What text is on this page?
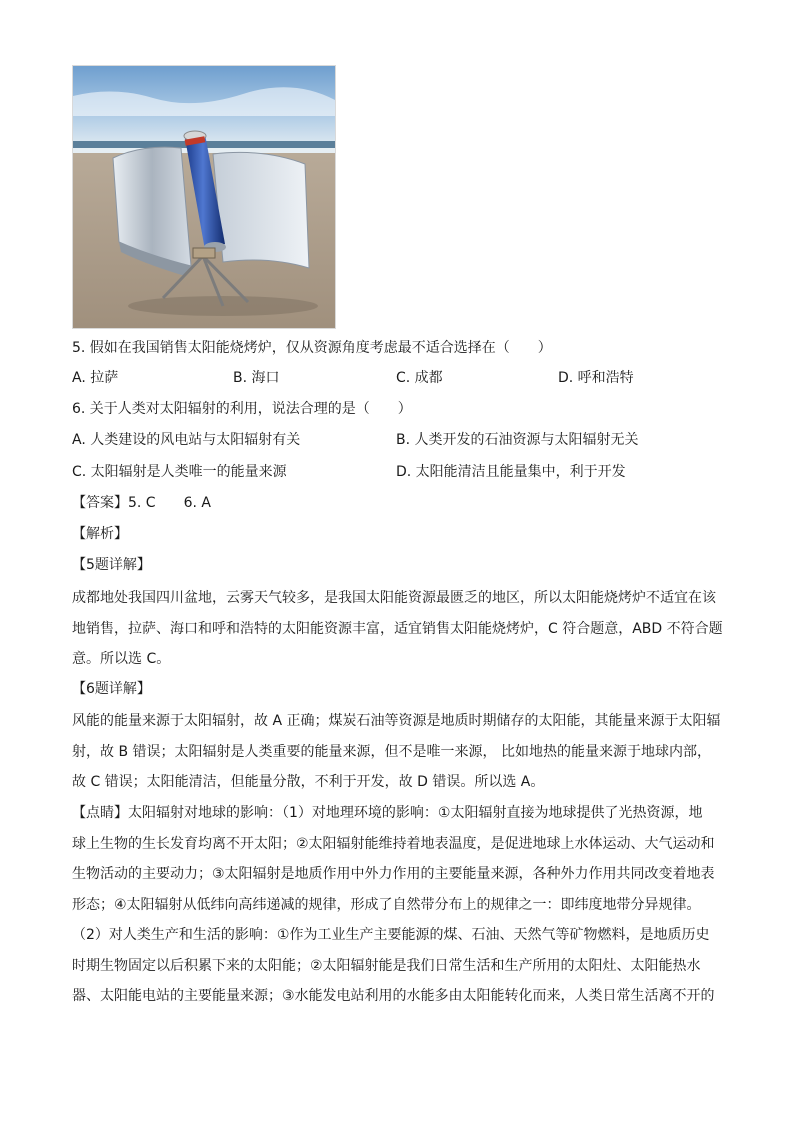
5. 假如在我国销售太阳能烧烤炉，仅从资源角度考虑最不适合选择在（　　）
A. 拉萨	B. 海口	C. 成都	D. 呼和浩特
6. 关于人类对太阳辐射的利用，说法合理的是（　　）
A. 人类建设的风电站与太阳辐射有关	B. 人类开发的石油资源与太阳辐射无关
C. 太阳辐射是人类唯一的能量来源	D. 太阳能清洁且能量集中，利于开发
【答案】5. C　　6. A
【解析】
【5题详解】
成都地处我国四川盆地，云雾天气较多，是我国太阳能资源最匮乏的地区，所以太阳能烧烤炉不适宜在该
地销售，拉萨、海口和呼和浩特的太阳能资源丰富，适宜销售太阳能烧烤炉，C 符合题意，ABD 不符合题
意。所以选 C。
【6题详解】
风能的能量来源于太阳辐射，故 A 正确；煤炭石油等资源是地质时期储存的太阳能，其能量来源于太阳辐
射，故 B 错误；太阳辐射是人类重要的能量来源，但不是唯一来源， 比如地热的能量来源于地球内部，
故 C 错误；太阳能清洁，但能量分散，不利于开发，故 D 错误。所以选 A。
【点睛】太阳辐射对地球的影响：（1）对地理环境的影响：①太阳辐射直接为地球提供了光热资源，地
球上生物的生长发育均离不开太阳；②太阳辐射能维持着地表温度，是促进地球上水体运动、大气运动和
生物活动的主要动力；③太阳辐射是地质作用中外力作用的主要能量来源，各种外力作用共同改变着地表
形态；④太阳辐射从低纬向高纬递减的规律，形成了自然带分布上的规律之一：即纬度地带分异规律。
（2）对人类生产和生活的影响：①作为工业生产主要能源的煤、石油、天然气等矿物燃料，是地质历史
时期生物固定以后积累下来的太阳能；②太阳辐射能是我们日常生活和生产所用的太阳灶、太阳能热水
器、太阳能电站的主要能量来源；③水能发电站利用的水能多由太阳能转化而来，人类日常生活离不开的
